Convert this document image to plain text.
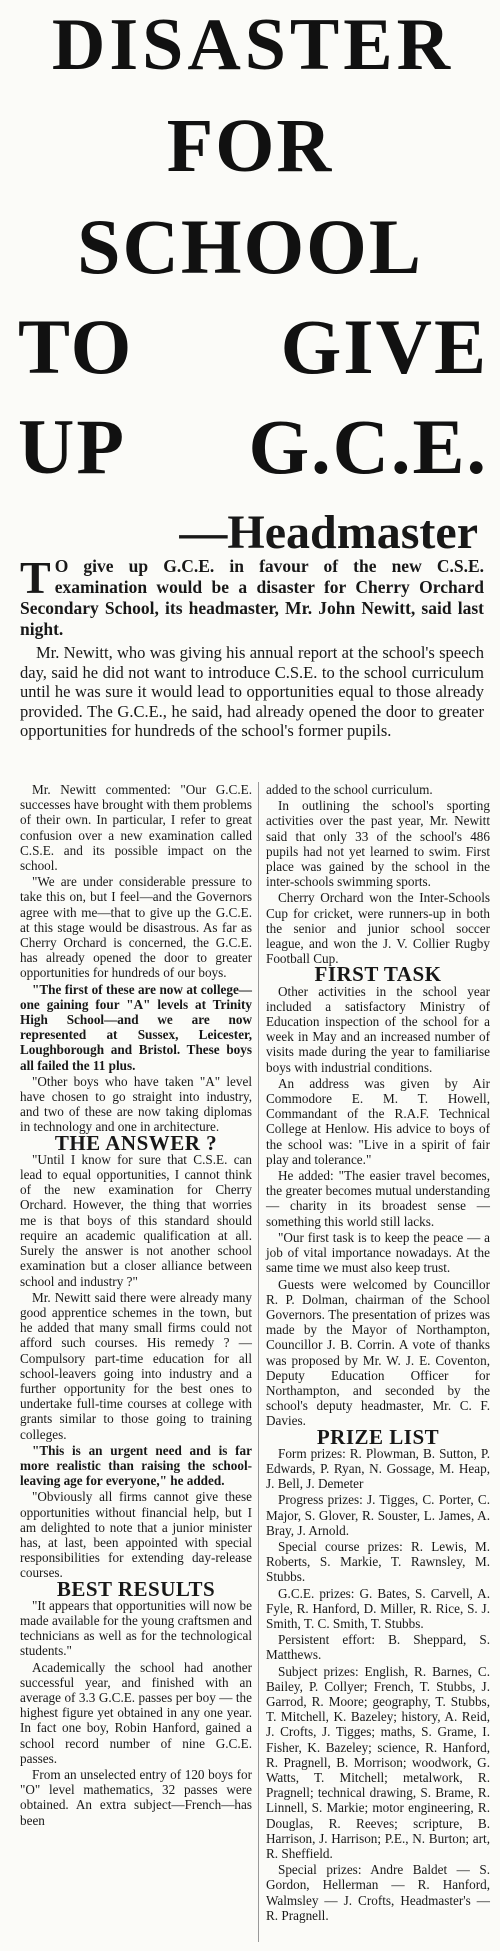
DISASTER
FOR
SCHOOL
TO GIVE
UP G.C.E.
—Headmaster
T O give up G.C.E. in favour of the new C.S.E. examination would be a disaster for Cherry Orchard Secondary School, its headmaster, Mr. John Newitt, said last night.
Mr. Newitt, who was giving his annual report at the school's speech day, said he did not want to introduce C.S.E. to the school curriculum until he was sure it would lead to opportunities equal to those already provided. The G.C.E., he said, had already opened the door to greater opportunities for hundreds of the school's former pupils.

Mr. Newitt commented: "Our G.C.E. successes have brought with them problems of their own. In particular, I refer to great confusion over a new examination called C.S.E. and its possible impact on the school.

"We are under considerable pressure to take this on, but I feel—and the Governors agree with me—that to give up the G.C.E. at this stage would be disastrous. As far as Cherry Orchard is concerned, the G.C.E. has already opened the door to greater opportunities for hundreds of our boys.

"The first of these are now at college—one gaining four "A" levels at Trinity High School—and we are now represented at Sussex, Leicester, Loughborough and Bristol. These boys all failed the 11 plus.

"Other boys who have taken "A" level have chosen to go straight into industry, and two of these are now taking diplomas in technology and one in architecture.

THE ANSWER ?

"Until I know for sure that C.S.E. can lead to equal opportunities, I cannot think of the new examination for Cherry Orchard. However, the thing that worries me is that boys of this standard should require an academic qualification at all. Surely the answer is not another school examination but a closer alliance between school and industry ?"

Mr. Newitt said there were already many good apprentice schemes in the town, but he added that many small firms could not afford such courses. His remedy ? — Compulsory part-time education for all school-leavers going into industry and a further opportunity for the best ones to undertake full-time courses at college with grants similar to those going to training colleges.

"This is an urgent need and is far more realistic than raising the school-leaving age for everyone," he added.

"Obviously all firms cannot give these opportunities without financial help, but I am delighted to note that a junior minister has, at last, been appointed with special responsibilities for extending day-release courses.

BEST RESULTS

"It appears that opportunities will now be made available for the young craftsmen and technicians as well as for the technological students."

Academically the school had another successful year, and finished with an average of 3.3 G.C.E. passes per boy — the highest figure yet obtained in any one year. In fact one boy, Robin Hanford, gained a school record number of nine G.C.E. passes.

From an unselected entry of 120 boys for "O" level mathematics, 32 passes were obtained. An extra subject—French—has been

added to the school curriculum.

In outlining the school's sporting activities over the past year, Mr. Newitt said that only 33 of the school's 486 pupils had not yet learned to swim. First place was gained by the school in the inter-schools swimming sports.

Cherry Orchard won the Inter-Schools Cup for cricket, were runners-up in both the senior and junior school soccer league, and won the J. V. Collier Rugby Football Cup.

FIRST TASK

Other activities in the school year included a satisfactory Ministry of Education inspection of the school for a week in May and an increased number of visits made during the year to familiarise boys with industrial conditions.

An address was given by Air Commodore E. M. T. Howell, Commandant of the R.A.F. Technical College at Henlow. His advice to boys of the school was: "Live in a spirit of fair play and tolerance."

He added: "The easier travel becomes, the greater becomes mutual understanding — charity in its broadest sense — something this world still lacks.

"Our first task is to keep the peace — a job of vital importance nowadays. At the same time we must also keep trust.

Guests were welcomed by Councillor R. P. Dolman, chairman of the School Governors. The presentation of prizes was made by the Mayor of Northampton, Councillor J. B. Corrin. A vote of thanks was proposed by Mr. W. J. E. Coventon, Deputy Education Officer for Northampton, and seconded by the school's deputy headmaster, Mr. C. F. Davies.

PRIZE LIST

Form prizes: R. Plowman, B. Sutton, P. Edwards, P. Ryan, N. Gossage, M. Heap, J. Bell, J. Demeter

Progress prizes: J. Tigges, C. Porter, C. Major, S. Glover, R. Souster, L. James, A. Bray, J. Arnold.

Special course prizes: R. Lewis, M. Roberts, S. Markie, T. Rawnsley, M. Stubbs.

G.C.E. prizes: G. Bates, S. Carvell, A. Fyle, R. Hanford, D. Miller, R. Rice, S. J. Smith, T. C. Smith, T. Stubbs.

Persistent effort: B. Sheppard, S. Matthews.

Subject prizes: English, R. Barnes, C. Bailey, P. Collyer; French, T. Stubbs, J. Garrod, R. Moore; geography, T. Stubbs, T. Mitchell, K. Bazeley; history, A. Reid, J. Crofts, J. Tigges; maths, S. Grame, I. Fisher, K. Bazeley; science, R. Hanford, R. Pragnell, B. Morrison; woodwork, G. Watts, T. Mitchell; metalwork, R. Pragnell; technical drawing, S. Brame, R. Linnell, S. Markie; motor engineering, R. Douglas, R. Reeves; scripture, B. Harrison, J. Harrison; P.E., N. Burton; art, R. Sheffield.

Special prizes: Andre Baldet — S. Gordon, Hellerman — R. Hanford, Walmsley — J. Crofts, Headmaster's — R. Pragnell.
